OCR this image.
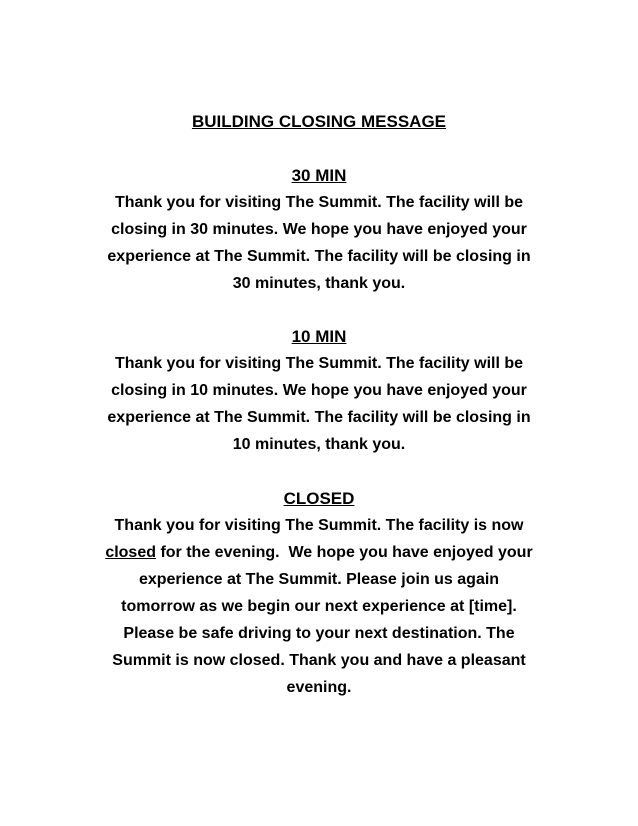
BUILDING CLOSING MESSAGE
30 MIN
Thank you for visiting The Summit. The facility will be
closing in 30 minutes. We hope you have enjoyed your
experience at The Summit. The facility will be closing in
30 minutes, thank you.
10 MIN
Thank you for visiting The Summit. The facility will be
closing in 10 minutes. We hope you have enjoyed your
experience at The Summit. The facility will be closing in
10 minutes, thank you.
CLOSED
Thank you for visiting The Summit. The facility is now
closed for the evening.  We hope you have enjoyed your
experience at The Summit. Please join us again
tomorrow as we begin our next experience at [time].
Please be safe driving to your next destination. The
Summit is now closed. Thank you and have a pleasant
evening.
